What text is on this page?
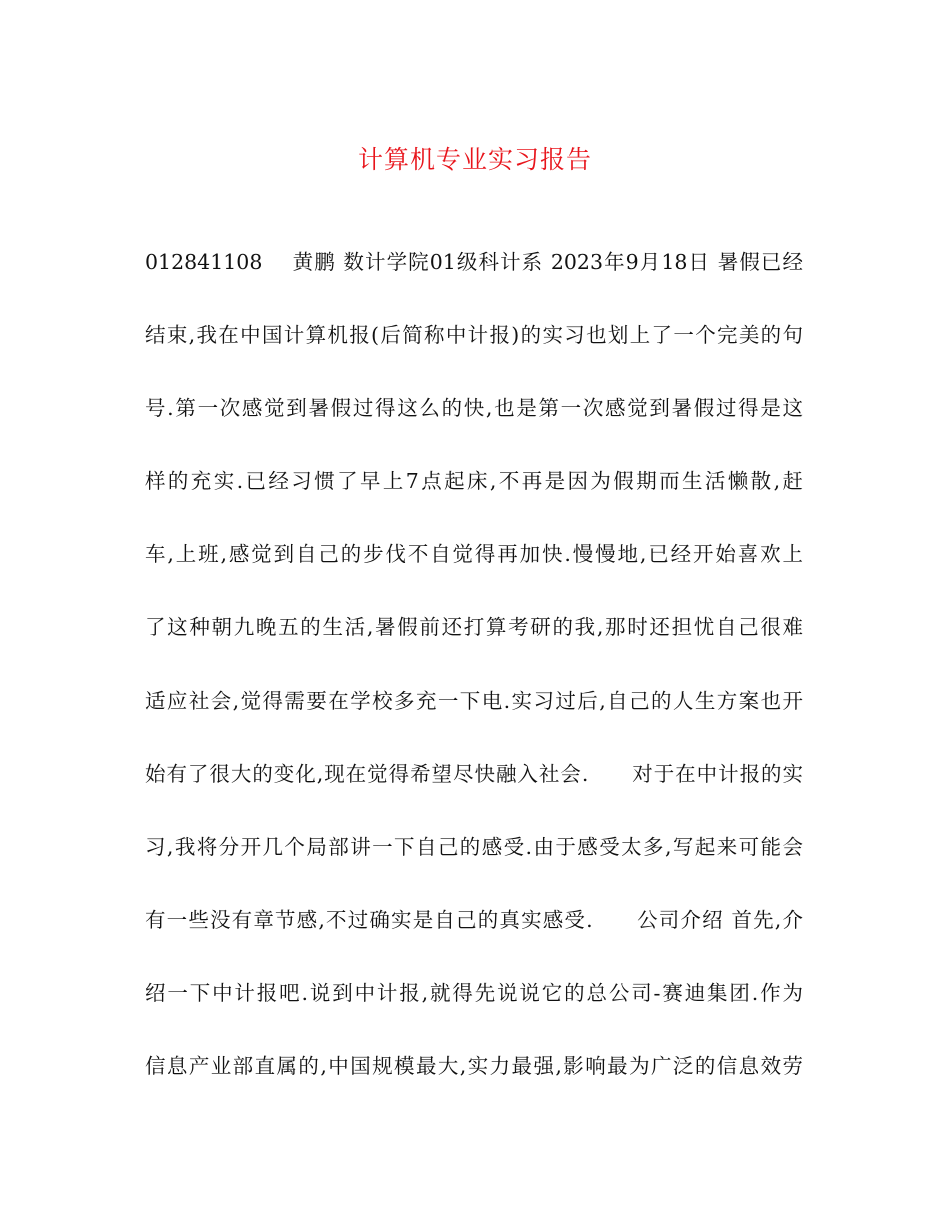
计算机专业实习报告
012841108　 黄鹏 数计学院01级科计系 2023年9月18日 暑假已经
结束,我在中国计算机报(后简称中计报)的实习也划上了一个完美的句
号.第一次感觉到暑假过得这么的快,也是第一次感觉到暑假过得是这
样的充实.已经习惯了早上7点起床,不再是因为假期而生活懒散,赶
车,上班,感觉到自己的步伐不自觉得再加快.慢慢地,已经开始喜欢上
了这种朝九晚五的生活,暑假前还打算考研的我,那时还担忧自己很难
适应社会,觉得需要在学校多充一下电.实习过后,自己的人生方案也开
始有了很大的变化,现在觉得希望尽快融入社会.　　对于在中计报的实
习,我将分开几个局部讲一下自己的感受.由于感受太多,写起来可能会
有一些没有章节感,不过确实是自己的真实感受.　　公司介绍 首先,介
绍一下中计报吧.说到中计报,就得先说说它的总公司-赛迪集团.作为
信息产业部直属的,中国规模最大,实力最强,影响最为广泛的信息效劳
